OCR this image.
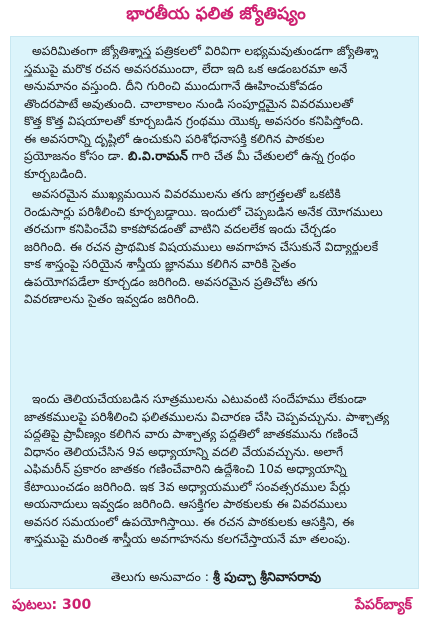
భారతీయ ఫలిత జ్యోతిష్యం
అపరిమితంగా జ్యోతిశ్శాస్త్ర పత్రికలలో విరివిగా లభ్యమవుతుండగా జ్యోతిశ్శా
స్త్రముపై మరొక రచన అవసరముందా, లేదా ఇది ఒక ఆడంబరమా అనే
అనుమానం వస్తుంది. దీని గురించి ముందుగానే ఊహించుకోవడం
తొందరపాటే అవుతుంది. చాలాకాలం నుండి సంపూర్ణమైన వివరములతో
కొత్త కొత్త విషయాలతో కూర్చబడిన గ్రంథము యొక్క అవసరం కనిపిస్తోంది.
ఈ అవసరాన్ని దృష్టిలో ఉంచుకుని పరిశోధనాసక్తి కలిగిన పాఠకుల
ప్రయోజనం కోసం డా. బి.వి.రామన్ గారి చేత మీ చేతులలో ఉన్న గ్రంథం
కూర్చబడింది.
అవసరమైన ముఖ్యమయిన వివరములను తగు జాగ్రత్తలతో ఒకటికి
రెండుసార్లు పరిశీలించి కూర్చబడ్డాయి. ఇందులో చెప్పబడిన అనేక యోగములు
తరచుగా కనిపించేవి కాకపోవడంతో వాటిని వదలలేక ఇందు చేర్చడం
జరిగింది. ఈ రచన ప్రాథమిక విషయములు అవగాహన చేసుకునే విద్యార్థులకే
కాక శాస్త్రంపై సరియైన శాస్త్రీయ జ్ఞానము కలిగిన వారికి సైతం
ఉపయోగపడేలా కూర్చడం జరిగింది. అవసరమైన ప్రతిచోట తగు
వివరణాలను సైతం ఇవ్వడం జరిగింది.
ఇందు తెలియచేయబడిన సూత్రములను ఎటువంటి సందేహము లేకుండా
జాతకములపై పరిశీలించి ఫలితములను విచారణ చేసి చెప్పవచ్చును. పాశ్చాత్య
పద్ధతిపై ప్రావీణ్యం కలిగిన వారు పాశ్చాత్య పద్ధతిలో జాతకమును గణించే
విధానం తెలియచేసిన 9వ అధ్యాయాన్ని వదలి వేయవచ్చును. అలాగే
ఎఫిమరీన్ ప్రకారం జాతకం గణించేవారిని ఉద్దేశించి 10వ అధ్యాయాన్ని
కేటాయించడం జరిగింది. ఇక 3వ అధ్యాయములో సంవత్సరముల పేర్లు
అయనాదులు ఇవ్వడం జరిగింది. ఆసక్తిగల పాఠకులకు ఈ వివరములు
అవసర సమయంలో ఉపయోగిస్తాయి. ఈ రచన పాఠకులకు ఆసక్తిని, ఈ
శాస్త్రముపై మరింత శాస్త్రీయ అవగాహనను కలగచేస్తాయనే మా తలంపు.
తెలుగు అనువాదం : శ్రీ పుచ్చా శ్రీనివాసరావు
పుటలు: 300	పేపర్‌బ్యాక్
